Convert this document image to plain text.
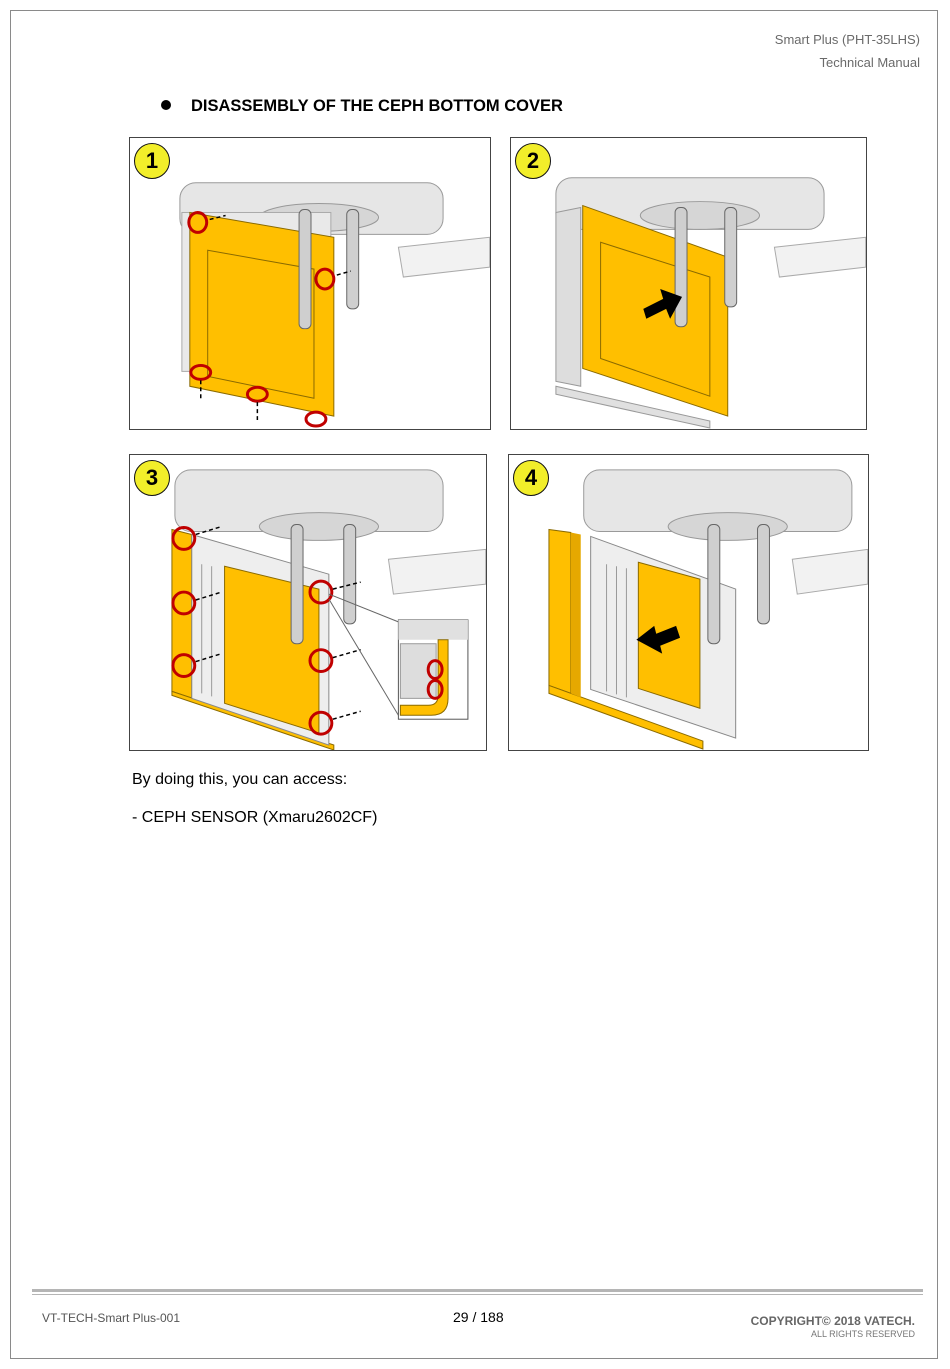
Smart Plus (PHT-35LHS)
Technical Manual
DISASSEMBLY OF THE CEPH BOTTOM COVER
1	2
3	4
By doing this, you can access:
- CEPH SENSOR (Xmaru2602CF)
VT-TECH-Smart Plus-001	29 / 188	COPYRIGHT© 2018 VATECH.
ALL RIGHTS RESERVED
